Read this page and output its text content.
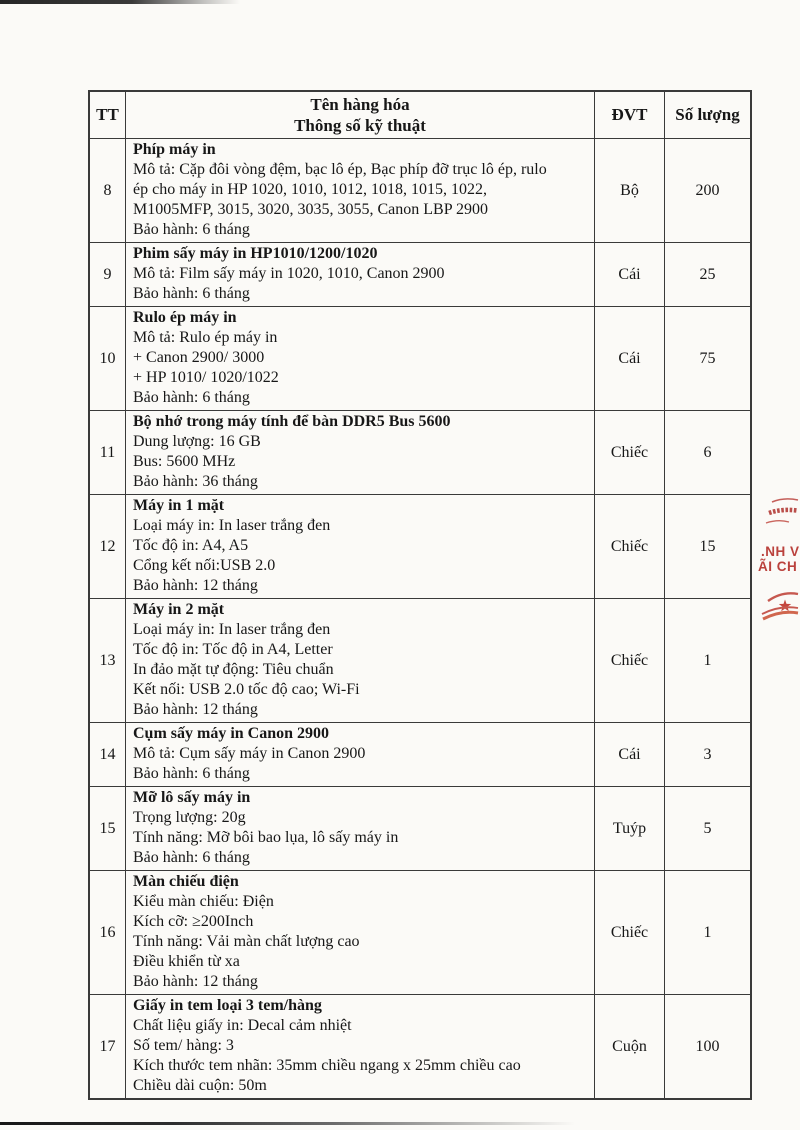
TT
Tên hàng hóa
Thông số kỹ thuật
ĐVT	Số lượng
8
Phíp máy in
Mô tả: Cặp đôi vòng đệm, bạc lô ép, Bạc phíp đỡ trục lô ép, rulo
ép cho máy in HP 1020, 1010, 1012, 1018, 1015, 1022,
M1005MFP, 3015, 3020, 3035, 3055, Canon LBP 2900
Bảo hành: 6 tháng
Bộ	200
9
Phim sấy máy in HP1010/1200/1020
Mô tả: Film sấy máy in 1020, 1010, Canon 2900
Bảo hành: 6 tháng
Cái	25
10
Rulo ép máy in
Mô tả: Rulo ép máy in
+ Canon 2900/ 3000
+ HP 1010/ 1020/1022
Bảo hành: 6 tháng
Cái	75
11
Bộ nhớ trong máy tính để bàn DDR5 Bus 5600
Dung lượng: 16 GB
Bus: 5600 MHz
Bảo hành: 36 tháng
Chiếc	6
12
Máy in 1 mặt
Loại máy in: In laser trắng đen
Tốc độ in: A4, A5
Cổng kết nối:USB 2.0
Bảo hành: 12 tháng
Chiếc	15
13
Máy in 2 mặt
Loại máy in: In laser trắng đen
Tốc độ in: Tốc độ in A4, Letter
In đảo mặt tự động: Tiêu chuẩn
Kết nối: USB 2.0 tốc độ cao; Wi-Fi
Bảo hành: 12 tháng
Chiếc	1
14
Cụm sấy máy in Canon 2900
Mô tả: Cụm sấy máy in Canon 2900
Bảo hành: 6 tháng
Cái	3
15
Mỡ lô sấy máy in
Trọng lượng: 20g
Tính năng: Mỡ bôi bao lụa, lô sấy máy in
Bảo hành: 6 tháng
Tuýp	5
16
Màn chiếu điện
Kiểu màn chiếu: Điện
Kích cỡ: ≥200Inch
Tính năng: Vải màn chất lượng cao
Điều khiển từ xa
Bảo hành: 12 tháng
Chiếc	1
17
Giấy in tem loại 3 tem/hàng
Chất liệu giấy in: Decal cảm nhiệt
Số tem/ hàng: 3
Kích thước tem nhãn: 35mm chiều ngang x 25mm chiều cao
Chiều dài cuộn: 50m
Cuộn	100
.NH V
ÃI CH
